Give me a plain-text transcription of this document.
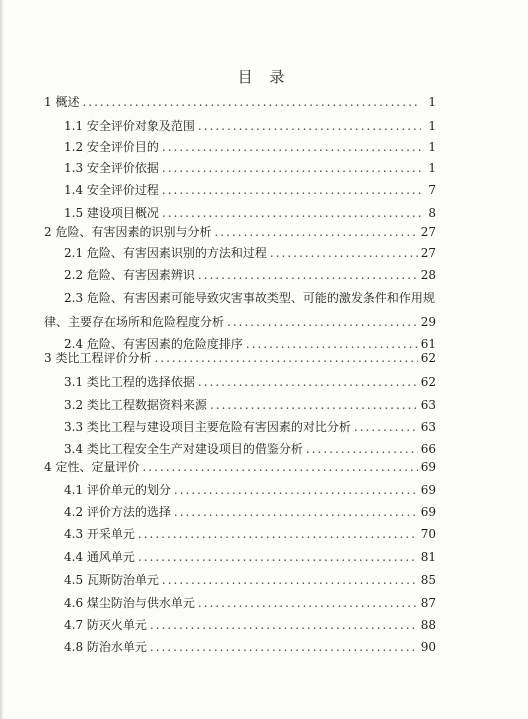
目 录
1 概述 .....	1
1.1 安全评价对象及范围 .....	1
1.2 安全评价目的 .....	1
1.3 安全评价依据 .....	1
1.4 安全评价过程 .....	7
1.5 建设项目概况 .....	8
2 危险、有害因素的识别与分析 .....	27
2.1 危险、有害因素识别的方法和过程 .....	27
2.2 危险、有害因素辨识 .....	28
2.3 危险、有害因素可能导致灾害事故类型、可能的激发条件和作用规
律、主要存在场所和危险程度分析 .....	29
2.4 危险、有害因素的危险度排序 .....	61
3 类比工程评价分析 .....	62
3.1 类比工程的选择依据 .....	62
3.2 类比工程数据资料来源 .....	63
3.3 类比工程与建设项目主要危险有害因素的对比分析 .....	63
3.4 类比工程安全生产对建设项目的借鉴分析 .....	66
4 定性、定量评价 .....	69
4.1 评价单元的划分 .....	69
4.2 评价方法的选择 .....	69
4.3 开采单元 .....	70
4.4 通风单元 .....	81
4.5 瓦斯防治单元 .....	85
4.6 煤尘防治与供水单元 .....	87
4.7 防灭火单元 .....	88
4.8 防治水单元 .....	90
